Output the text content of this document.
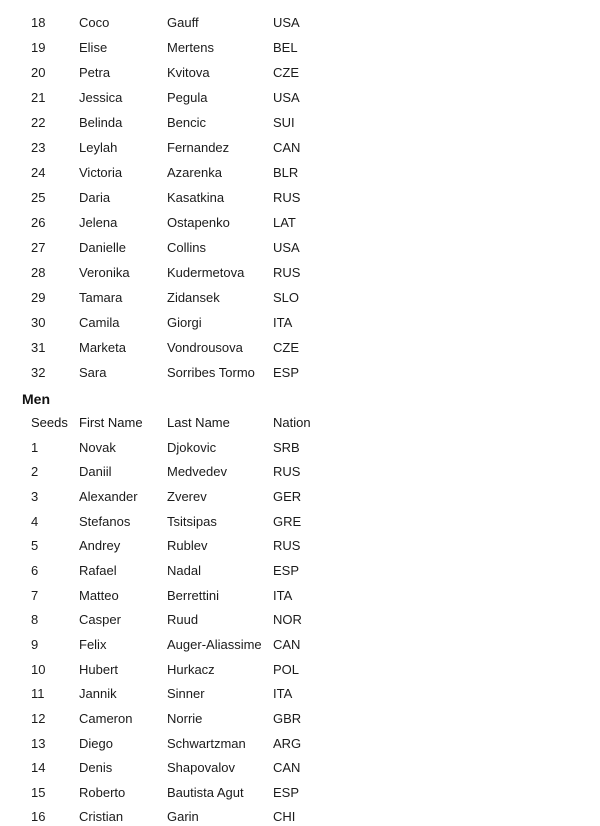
18	Coco	Gauff	USA
19	Elise	Mertens	BEL
20	Petra	Kvitova	CZE
21	Jessica	Pegula	USA
22	Belinda	Bencic	SUI
23	Leylah	Fernandez	CAN
24	Victoria	Azarenka	BLR
25	Daria	Kasatkina	RUS
26	Jelena	Ostapenko	LAT
27	Danielle	Collins	USA
28	Veronika	Kudermetova	RUS
29	Tamara	Zidansek	SLO
30	Camila	Giorgi	ITA
31	Marketa	Vondrousova	CZE
32	Sara	Sorribes Tormo	ESP
Men
Seeds	First Name	Last Name	Nation
1	Novak	Djokovic	SRB
2	Daniil	Medvedev	RUS
3	Alexander	Zverev	GER
4	Stefanos	Tsitsipas	GRE
5	Andrey	Rublev	RUS
6	Rafael	Nadal	ESP
7	Matteo	Berrettini	ITA
8	Casper	Ruud	NOR
9	Felix	Auger-Aliassime	CAN
10	Hubert	Hurkacz	POL
11	Jannik	Sinner	ITA
12	Cameron	Norrie	GBR
13	Diego	Schwartzman	ARG
14	Denis	Shapovalov	CAN
15	Roberto	Bautista Agut	ESP
16	Cristian	Garin	CHI
